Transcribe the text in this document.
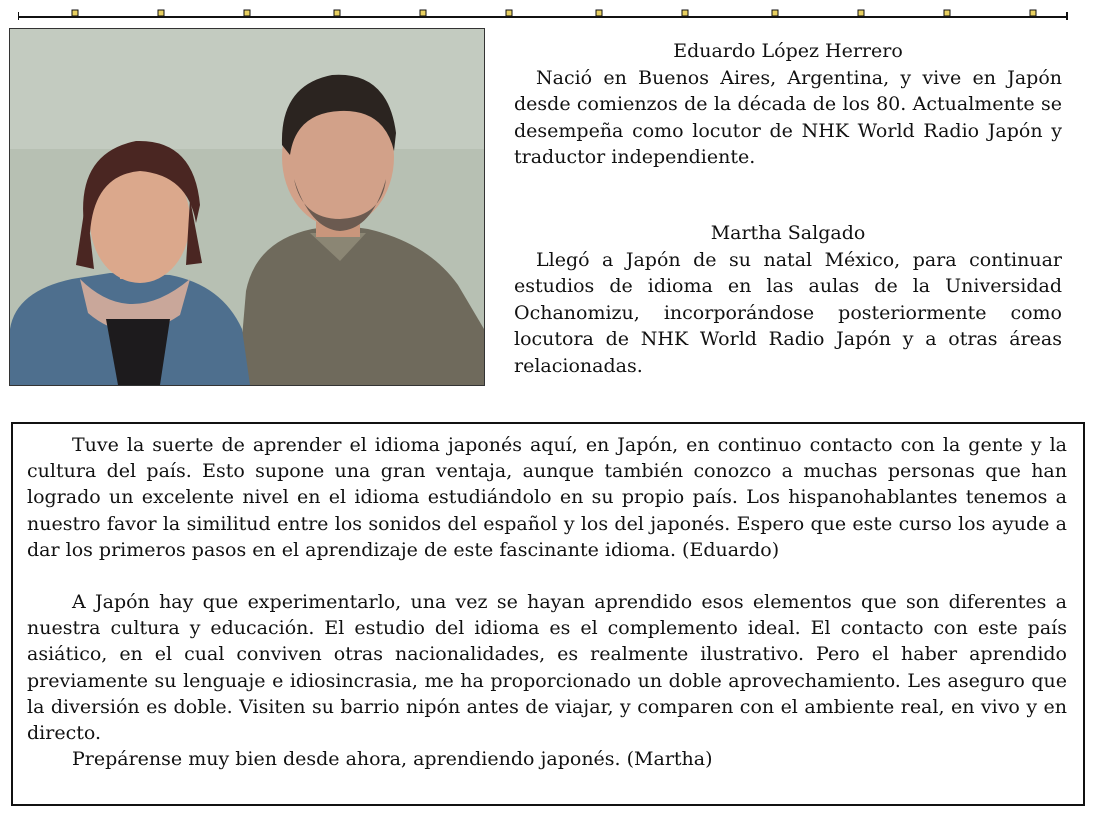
Eduardo López Herrero

Nació en Buenos Aires, Argentina, y vive en Japón desde comienzos de la década de los 80. Actualmente se desempeña como locutor de NHK World Radio Japón y traductor independiente.

Martha Salgado

Llegó a Japón de su natal México, para continuar estudios de idioma en las aulas de la Universidad Ochanomizu, incorporándose posteriormente como locutora de NHK World Radio Japón y a otras áreas relacionadas.

Tuve la suerte de aprender el idioma japonés aquí, en Japón, en continuo contacto con la gente y la cultura del país. Esto supone una gran ventaja, aunque también conozco a muchas personas que han logrado un excelente nivel en el idioma estudiándolo en su propio país. Los hispanohablantes tenemos a nuestro favor la similitud entre los sonidos del español y los del japonés. Espero que este curso los ayude a dar los primeros pasos en el aprendizaje de este fascinante idioma. (Eduardo)

A Japón hay que experimentarlo, una vez se hayan aprendido esos elementos que son diferentes a nuestra cultura y educación. El estudio del idioma es el complemento ideal. El contacto con este país asiático, en el cual conviven otras nacionalidades, es realmente ilustrativo. Pero el haber aprendido previamente su lenguaje e idiosincrasia, me ha proporcionado un doble aprovechamiento. Les aseguro que la diversión es doble. Visiten su barrio nipón antes de viajar, y comparen con el ambiente real, en vivo y en directo.

Prepárense muy bien desde ahora, aprendiendo japonés. (Martha)
